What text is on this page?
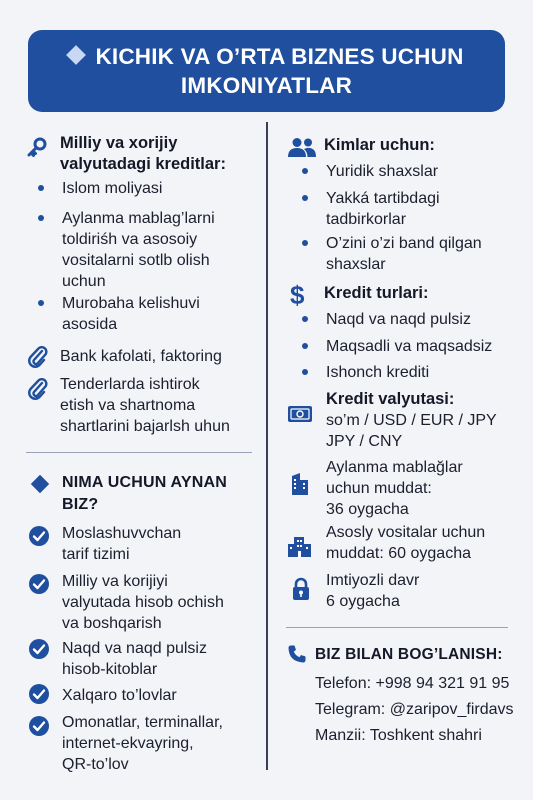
KICHIK VA O’RTA BIZNES UCHUN
IMKONIYATLAR
Milliy va xorijiy
valyutadagi kreditlar:
Islom moliyasi
Aylanma mablag’larni
toldiriśh va asosoiy
vositalarni sotlb olish
uchun
Murobaha kelishuvi
asosida
Bank kafolati, faktoring
Tenderlarda ishtirok
etish va shartnoma
shartlarini bajarlsh uhun
NIMA UCHUN AYNAN
BIZ?
Moslashuvvchan
tarif tizimi
Milliy va korijiyi
valyutada hisob ochish
va boshqarish
Naqd va naqd pulsiz
hisob-kitoblar
Xalqaro to’lovlar
Omonatlar, terminallar,
internet-ekvayring,
QR-to’lov
Kimlar uchun:
Yuridik shaxslar
Yakká tartibdagi
tadbirkorlar
O’zini o’zi band qilgan
shaxslar
$ Kredit turlari:
Naqd va naqd pulsiz
Maqsadli va maqsadsiz
Ishonch krediti
Kredit valyutasi:
so’m / USD / EUR / JPY
JPY / CNY
Aylanma mablağlar
uchun muddat:
36 oygacha
Asosly vositalar uchun
muddat: 60 oygacha
Imtiyozli davr
6 oygacha
BIZ BILAN BOG’LANISH:
Telefon: +998 94 321 91 95
Telegram: @zaripov_firdavs
Manzii: Toshkent shahri
